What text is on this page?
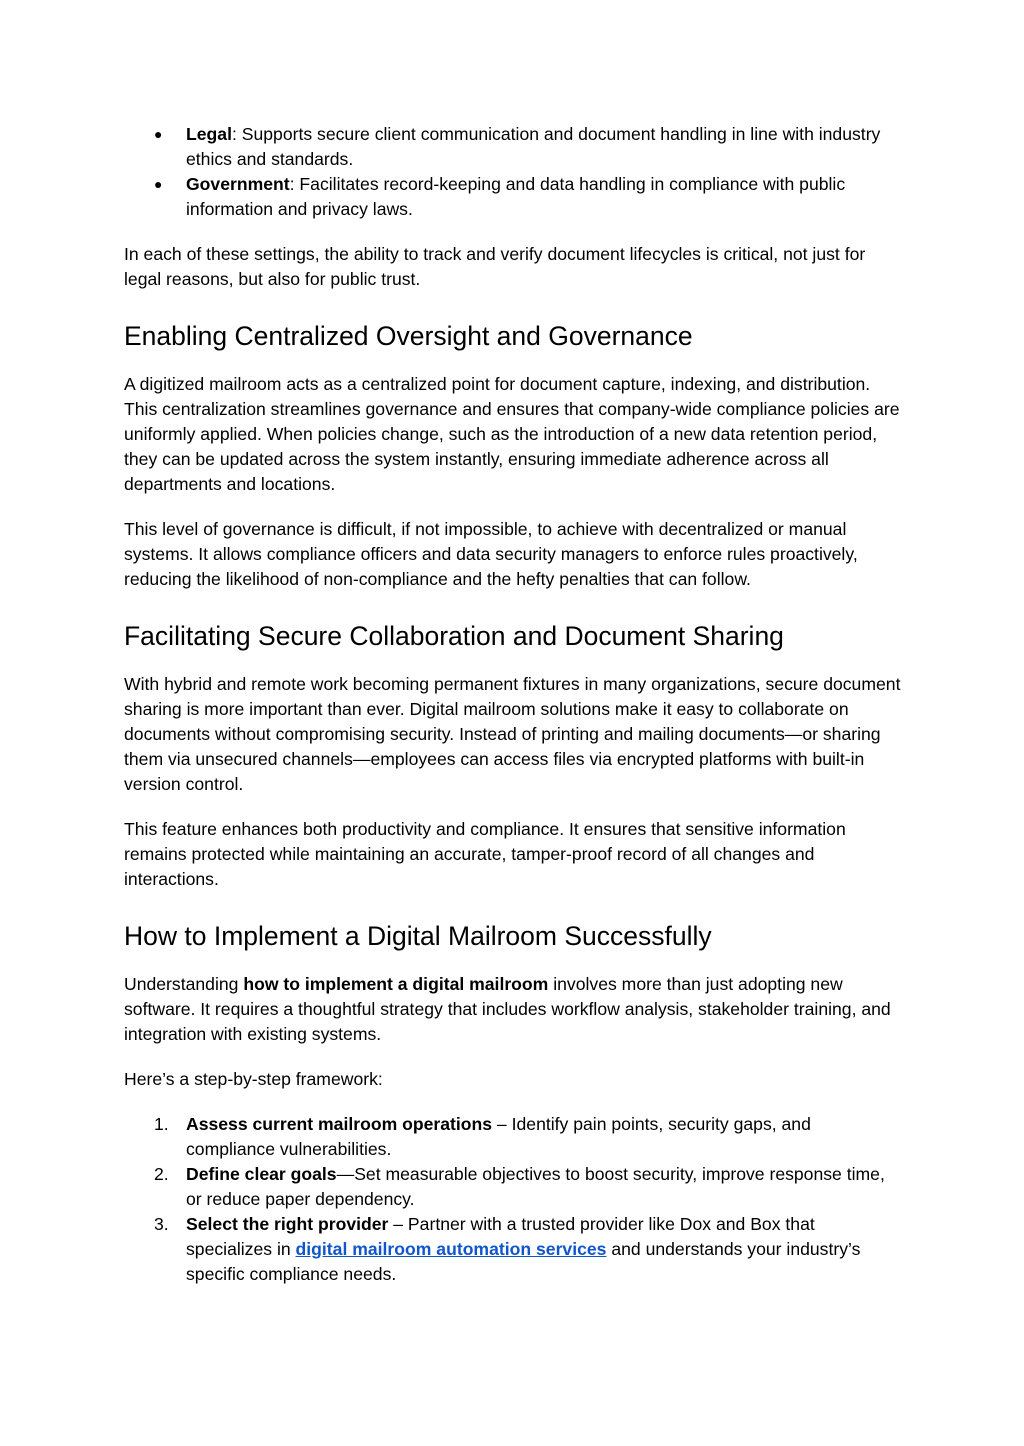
● Legal: Supports secure client communication and document handling in line with industry ethics and standards.
● Government: Facilitates record-keeping and data handling in compliance with public information and privacy laws.

In each of these settings, the ability to track and verify document lifecycles is critical, not just for legal reasons, but also for public trust.

Enabling Centralized Oversight and Governance

A digitized mailroom acts as a centralized point for document capture, indexing, and distribution. This centralization streamlines governance and ensures that company-wide compliance policies are uniformly applied. When policies change, such as the introduction of a new data retention period, they can be updated across the system instantly, ensuring immediate adherence across all departments and locations.

This level of governance is difficult, if not impossible, to achieve with decentralized or manual systems. It allows compliance officers and data security managers to enforce rules proactively, reducing the likelihood of non-compliance and the hefty penalties that can follow.

Facilitating Secure Collaboration and Document Sharing

With hybrid and remote work becoming permanent fixtures in many organizations, secure document sharing is more important than ever. Digital mailroom solutions make it easy to collaborate on documents without compromising security. Instead of printing and mailing documents—or sharing them via unsecured channels—employees can access files via encrypted platforms with built-in version control.

This feature enhances both productivity and compliance. It ensures that sensitive information remains protected while maintaining an accurate, tamper-proof record of all changes and interactions.

How to Implement a Digital Mailroom Successfully

Understanding how to implement a digital mailroom involves more than just adopting new software. It requires a thoughtful strategy that includes workflow analysis, stakeholder training, and integration with existing systems.

Here’s a step-by-step framework:

1. Assess current mailroom operations – Identify pain points, security gaps, and compliance vulnerabilities.
2. Define clear goals—Set measurable objectives to boost security, improve response time, or reduce paper dependency.
3. Select the right provider – Partner with a trusted provider like Dox and Box that specializes in digital mailroom automation services and understands your industry’s specific compliance needs.
